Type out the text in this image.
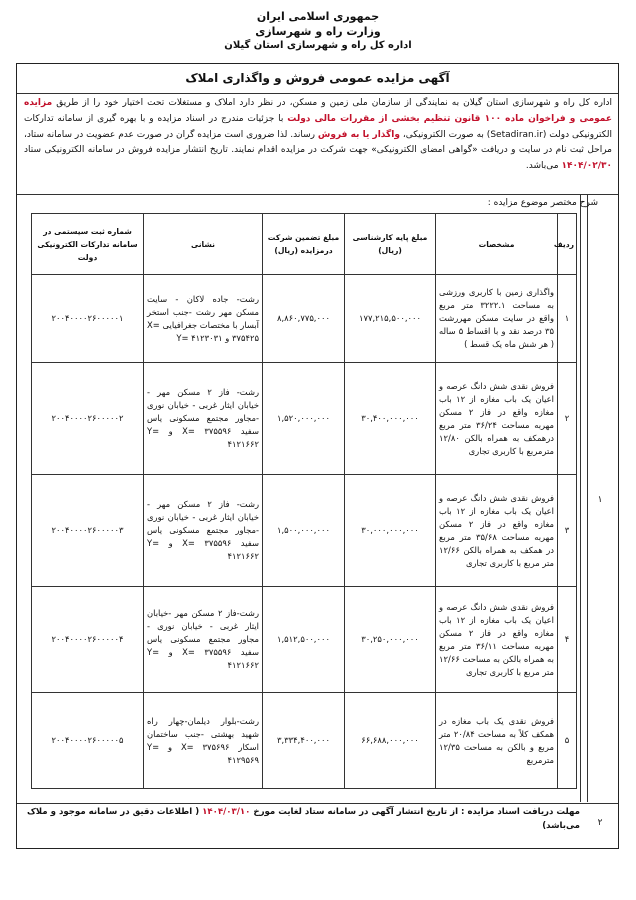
جمهوری اسلامی ایران
وزارت راه و شهرسازی
اداره کل راه و شهرسازی استان گیلان
آگهی مزایده عمومی فروش و واگذاری املاک
اداره کل راه و شهرسازی استان گیلان به نمایندگی از سازمان ملی زمین و مسکن، در نظر دارد املاک و مستغلات تحت اختیار خود را از طریق مزایده عمومی و فراخوان ماده ۱۰۰ قانون تنظیم بخشی از مقررات مالی دولت با جزئیات مندرج در اسناد مزایده و با بهره گیری از سامانه تدارکات الکترونیکی دولت (Setadiran.ir) به صورت الکترونیکی، واگذار یا به فروش رساند. لذا ضروری است مزایده گران در صورت عدم عضویت در سامانه ستاد، مراحل ثبت نام در سایت و دریافت «گواهی امضای الکترونیکی» جهت شرکت در مزایده اقدام نمایند. تاریخ انتشار مزایده فروش در سامانه الکترونیکی ستاد ۱۴۰۴/۰۲/۳۰ می‌باشد.
۱
۲
شرح مختصر موضوع مزایده :
ردیف	مشخصات	مبلغ پایه کارشناسی (ریال)	مبلغ تضمین شرکت درمزایده (ریال)	نشانی	شماره ثبت سیستمی در سامانه تدارکات الکترونیکی دولت
۱	واگذاری زمین با کاربری ورزشی به مساحت ۳۲۲۲.۱ متر مربع واقع در سایت مسکن مهررشت ۳۵ درصد نقد و با اقساط ۵ ساله ( هر شش ماه یک قسط )	۱۷۷,۲۱۵,۵۰۰,۰۰۰	۸,۸۶۰,۷۷۵,۰۰۰	رشت- جاده لاکان - سایت مسکن مهر رشت -جنب استخر آبسار با مختصات جغرافیایی X= ۳۷۵۴۲۵ و Y= ۴۱۲۳۰۳۱	۲۰۰۴۰۰۰۰۲۶۰۰۰۰۰۱
۲	فروش نقدی شش دانگ عرصه و اعیان یک باب مغازه از ۱۲ باب مغازه واقع در فاز ۲ مسکن مهربه مساحت ۳۶/۲۴ متر مربع درهمکف به همراه بالکن ۱۲/۸۰ مترمربع با کاربری تجاری	۳۰,۴۰۰,۰۰۰,۰۰۰	۱,۵۲۰,۰۰۰,۰۰۰	رشت- فاز ۲ مسکن مهر - خیابان ایثار غربی - خیابان نوری -مجاور مجتمع مسکونی یاس سفید X= ۳۷۵۵۹۶ و Y= ۴۱۲۱۶۶۲	۲۰۰۴۰۰۰۰۲۶۰۰۰۰۰۲
۳	فروش نقدی شش دانگ عرصه و اعیان یک باب مغازه از ۱۲ باب مغازه واقع در فاز ۲ مسکن مهربه مساحت ۳۵/۶۸ متر مربع در همکف به همراه بالکن ۱۲/۶۶ متر مربع با کاربری تجاری	۳۰,۰۰۰,۰۰۰,۰۰۰	۱,۵۰۰,۰۰۰,۰۰۰	رشت- فاز ۲ مسکن مهر - خیابان ایثار غربی - خیابان نوری -مجاور مجتمع مسکونی یاس سفید X= ۳۷۵۵۹۶ و Y= ۴۱۲۱۶۶۲	۲۰۰۴۰۰۰۰۲۶۰۰۰۰۰۳
۴	فروش نقدی شش دانگ عرصه و اعیان یک باب مغازه از ۱۲ باب مغازه واقع در فاز ۲ مسکن مهربه مساحت ۳۶/۱۱ متر مربع به همراه بالکن به مساحت ۱۲/۶۶ متر مربع با کاربری تجاری	۳۰,۲۵۰,۰۰۰,۰۰۰	۱,۵۱۲,۵۰۰,۰۰۰	رشت-فاز ۲ مسکن مهر -خیابان ایثار غربی - خیابان نوری - مجاور مجتمع مسکونی یاس سفید X= ۳۷۵۵۹۶ و Y= ۴۱۲۱۶۶۲	۲۰۰۴۰۰۰۰۲۶۰۰۰۰۰۴
۵	فروش نقدی یک باب مغازه در همکف کلاً به مساحت ۲۰/۸۴ متر مربع و بالکن به مساحت ۱۲/۳۵ مترمربع	۶۶,۶۸۸,۰۰۰,۰۰۰	۳,۳۳۴,۴۰۰,۰۰۰	رشت-بلوار دیلمان-چهار راه شهید بهشتی -جنب ساختمان اسکار X= ۳۷۵۶۹۶ و Y= ۴۱۲۹۵۶۹	۲۰۰۴۰۰۰۰۲۶۰۰۰۰۰۵
مهلت دریافت اسناد مزایده : از تاریخ انتشار آگهی در سامانه ستاد لغایت مورخ ۱۴۰۴/۰۳/۱۰ ( اطلاعات دقیق در سامانه موجود و ملاک می‌باشد)
